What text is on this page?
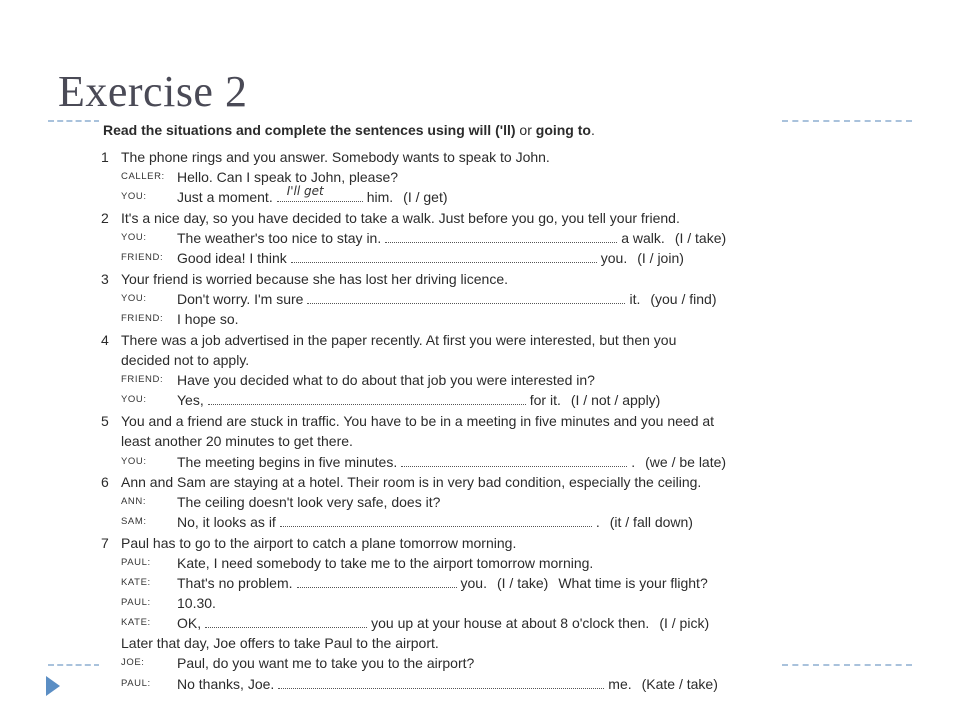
Exercise 2
Read the situations and complete the sentences using will ('ll) or going to.
1 The phone rings and you answer. Somebody wants to speak to John.
CALLER: Hello. Can I speak to John, please?
YOU: Just a moment. I'll get	him. (I / get)
2 It's a nice day, so you have decided to take a walk. Just before you go, you tell your friend.
YOU: The weather's too nice to stay in.	a walk. (I / take)
FRIEND: Good idea! I think	you. (I / join)
3 Your friend is worried because she has lost her driving licence.
YOU: Don't worry. I'm sure	it. (you / find)
FRIEND: I hope so.
4 There was a job advertised in the paper recently. At first you were interested, but then you
decided not to apply.
FRIEND: Have you decided what to do about that job you were interested in?
YOU: Yes,	for it. (I / not / apply)
5 You and a friend are stuck in traffic. You have to be in a meeting in five minutes and you need at
least another 20 minutes to get there.
YOU: The meeting begins in five minutes.	. (we / be late)
6 Ann and Sam are staying at a hotel. Their room is in very bad condition, especially the ceiling.
ANN: The ceiling doesn't look very safe, does it?
SAM: No, it looks as if	. (it / fall down)
7 Paul has to go to the airport to catch a plane tomorrow morning.
PAUL: Kate, I need somebody to take me to the airport tomorrow morning.
KATE: That's no problem.	you. (I / take) What time is your flight?
PAUL: 10.30.
KATE: OK,	you up at your house at about 8 o'clock then. (I / pick)
Later that day, Joe offers to take Paul to the airport.
JOE: Paul, do you want me to take you to the airport?
PAUL: No thanks, Joe.	me. (Kate / take)
